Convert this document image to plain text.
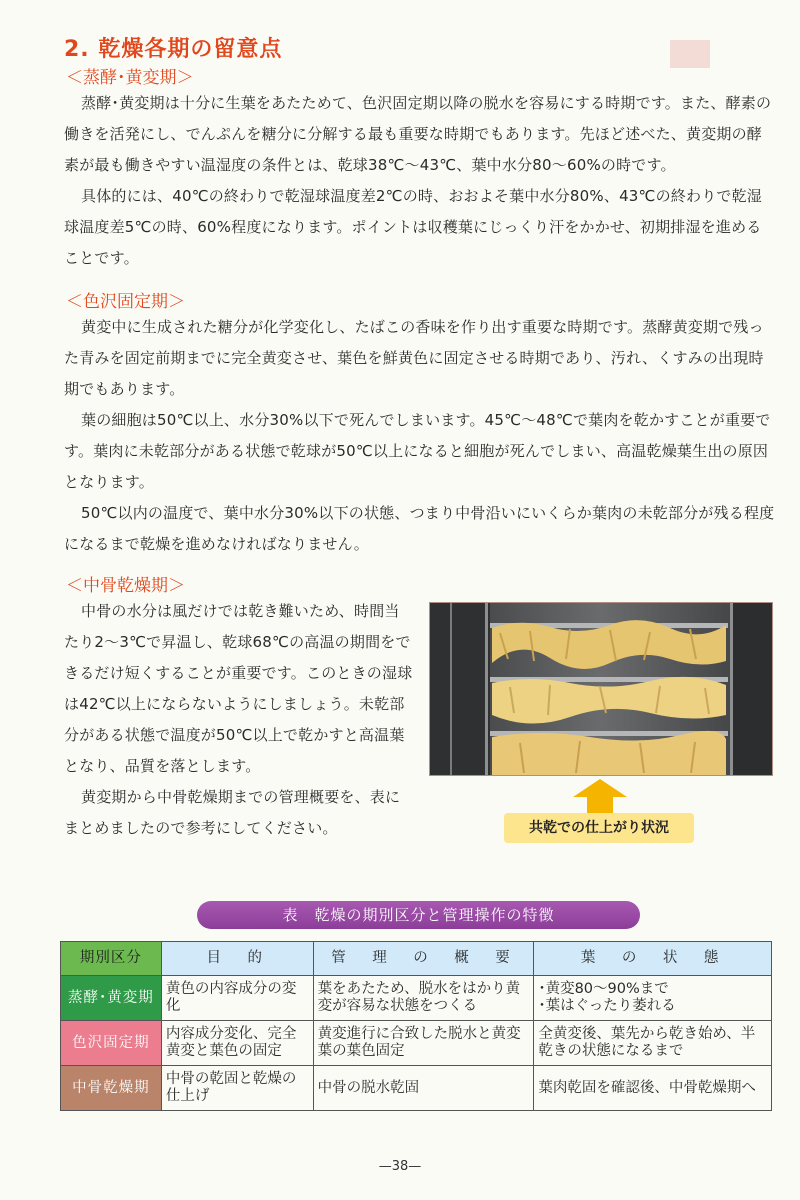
2. 乾燥各期の留意点
＜蒸酵･黄変期＞

蒸酵･黄変期は十分に生葉をあたためて、色沢固定期以降の脱水を容易にする時期です。また、酵素の働きを活発にし、でんぷんを糖分に分解する最も重要な時期でもあります。先ほど述べた、黄変期の酵素が最も働きやすい温湿度の条件とは、乾球38℃～43℃、葉中水分80～60%の時です。

具体的には、40℃の終わりで乾湿球温度差2℃の時、おおよそ葉中水分80%、43℃の終わりで乾湿球温度差5℃の時、60%程度になります。ポイントは収穫葉にじっくり汗をかかせ、初期排湿を進めることです。

＜色沢固定期＞

黄変中に生成された糖分が化学変化し、たばこの香味を作り出す重要な時期です。蒸酵黄変期で残った青みを固定前期までに完全黄変させ、葉色を鮮黄色に固定させる時期であり、汚れ、くすみの出現時期でもあります。

葉の細胞は50℃以上、水分30%以下で死んでしまいます。45℃～48℃で葉肉を乾かすことが重要です。葉肉に未乾部分がある状態で乾球が50℃以上になると細胞が死んでしまい、高温乾燥葉生出の原因となります。

50℃以内の温度で、葉中水分30%以下の状態、つまり中骨沿いにいくらか葉肉の未乾部分が残る程度になるまで乾燥を進めなければなりません。

＜中骨乾燥期＞

中骨の水分は風だけでは乾き難いため、時間当たり2～3℃で昇温し、乾球68℃の高温の期間をできるだけ短くすることが重要です。このときの湿球は42℃以上にならないようにしましょう。未乾部分がある状態で温度が50℃以上で乾かすと高温葉となり、品質を落とします。

黄変期から中骨乾燥期までの管理概要を、表にまとめましたので参考にしてください。	共乾での仕上がり状況
表　乾燥の期別区分と管理操作の特徴
期別区分	目　的	管　理　の　概　要	葉　の　状　態
蒸酵･黄変期	黄色の内容成分の変化	葉をあたため、脱水をはかり黄変が容易な状態をつくる	･黄変80～90%まで
･葉はぐったり萎れる
色沢固定期	内容成分変化、完全黄変と葉色の固定	黄変進行に合致した脱水と黄変葉の葉色固定	全黄変後、葉先から乾き始め、半乾きの状態になるまで
中骨乾燥期	中骨の乾固と乾燥の仕上げ	中骨の脱水乾固	葉肉乾固を確認後、中骨乾燥期へ
—38—
